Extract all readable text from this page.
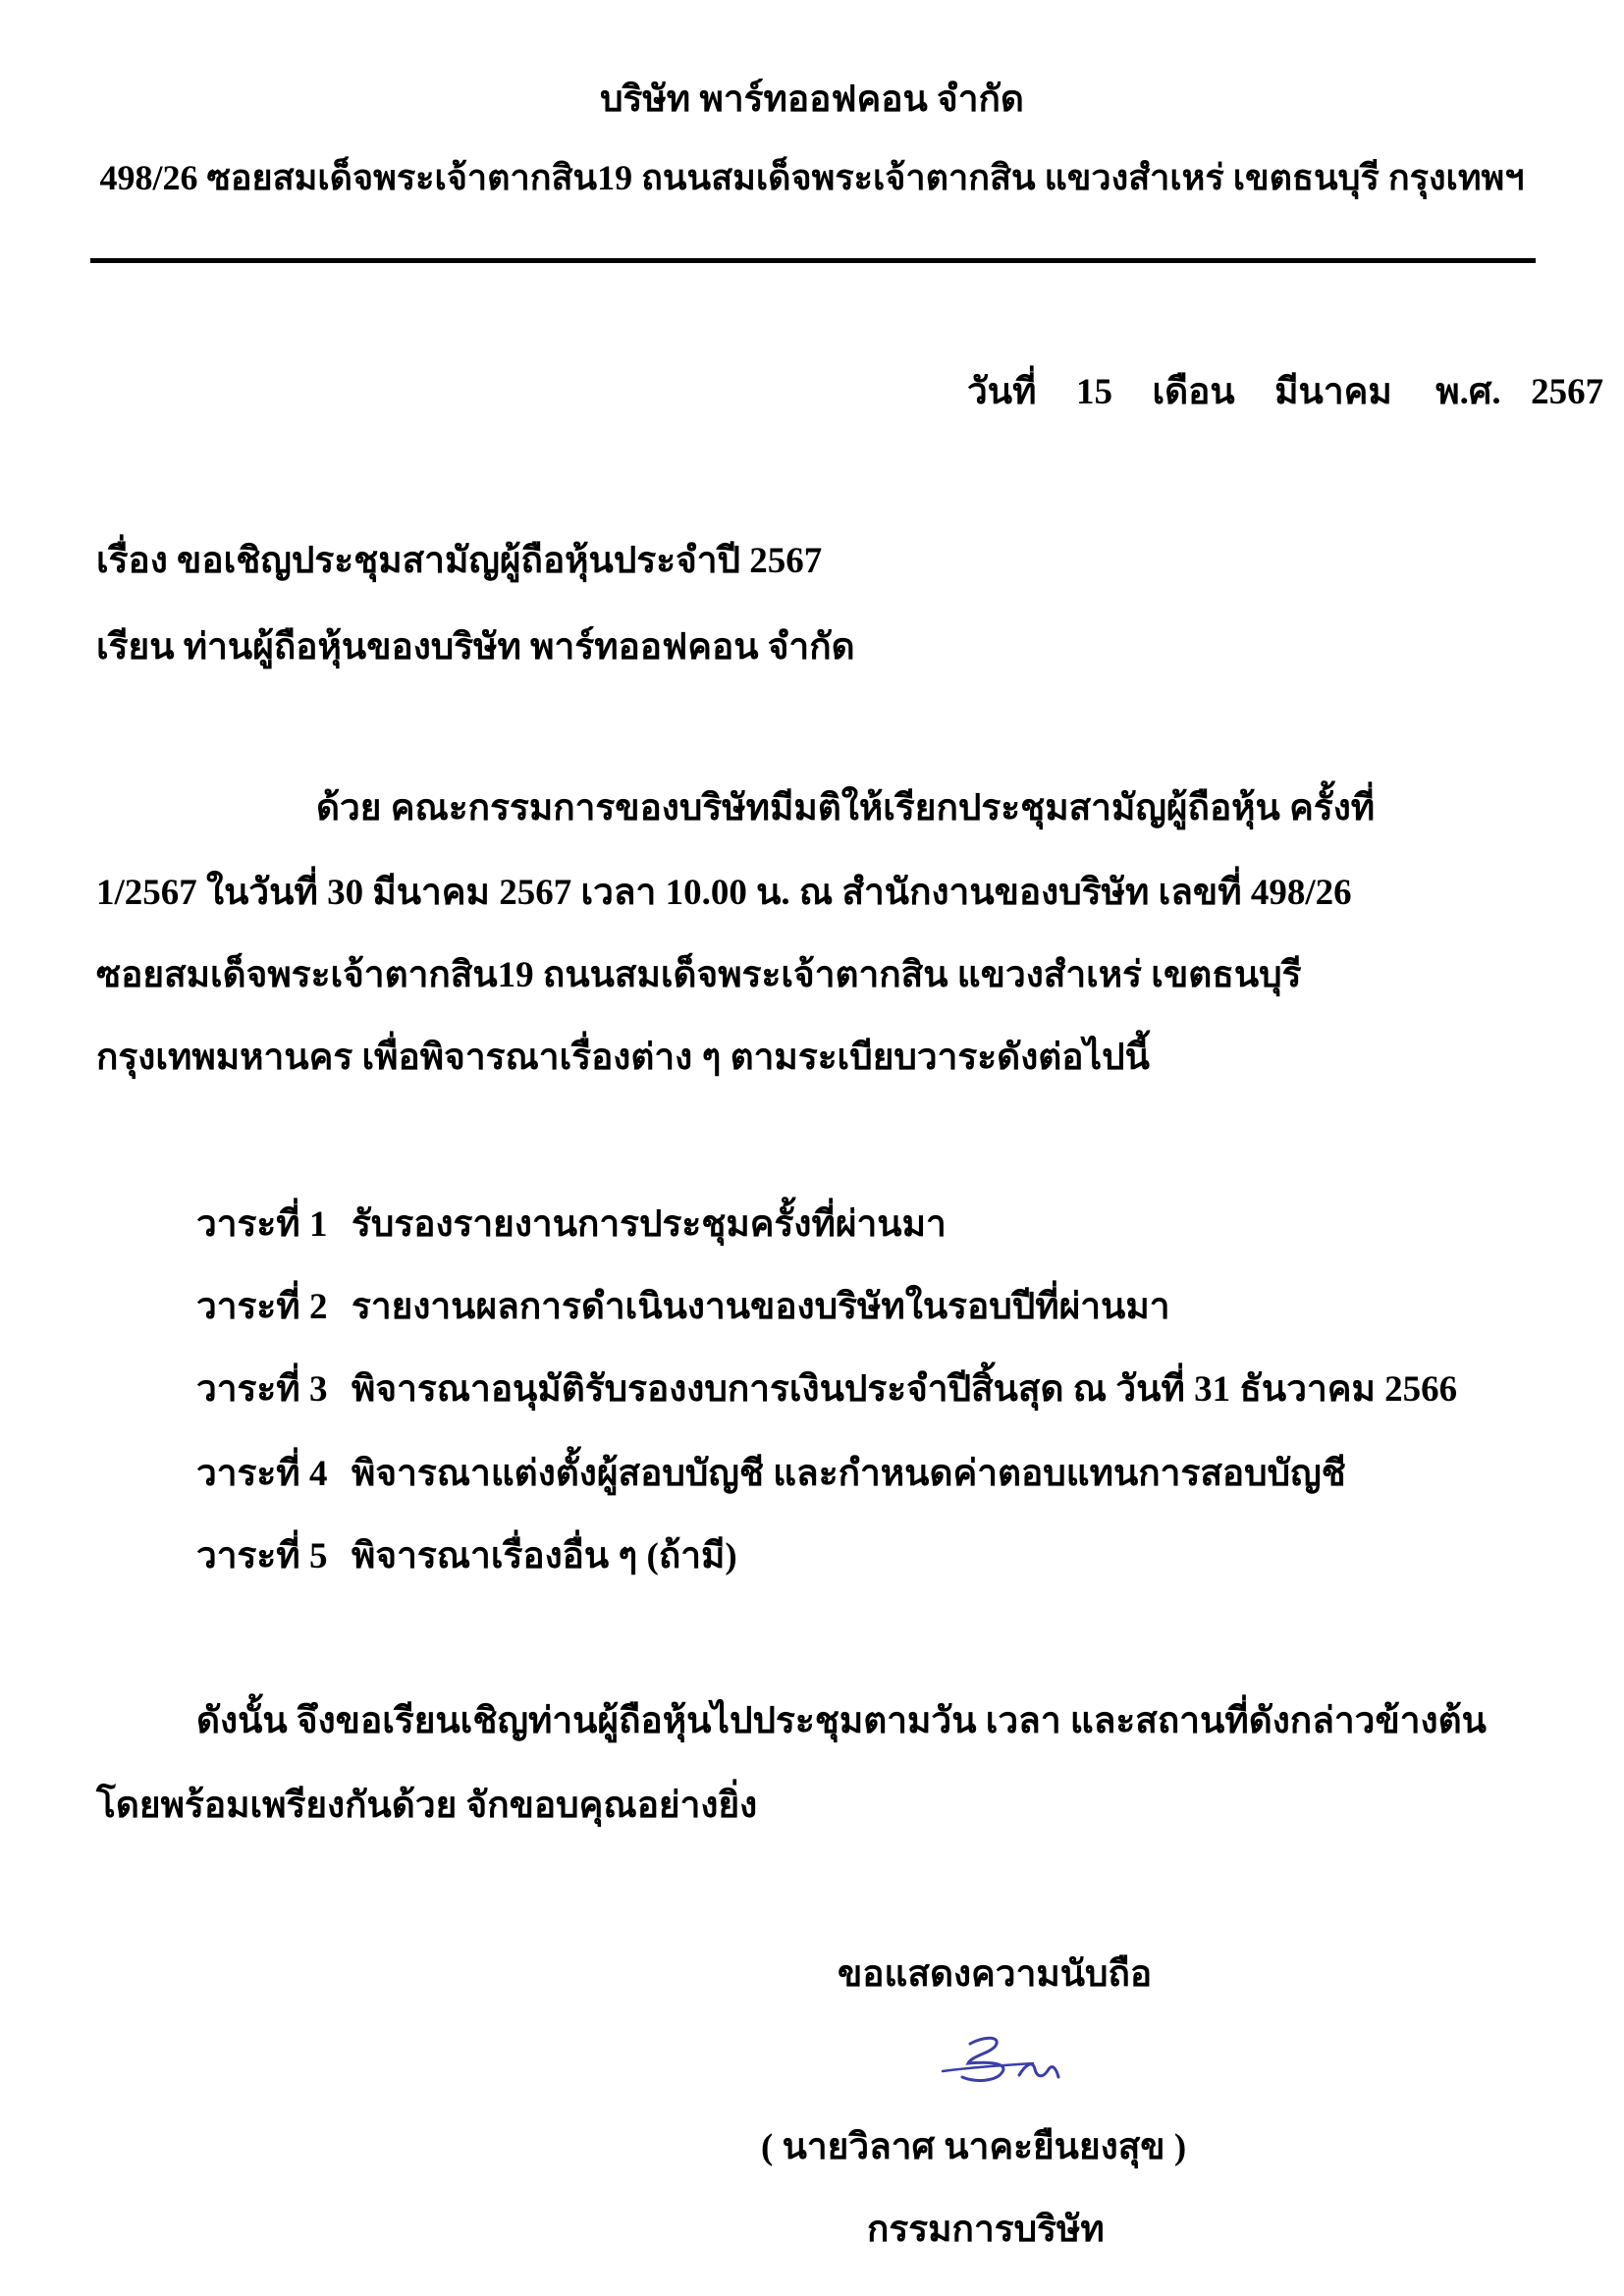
บริษัท พาร์ทออฟคอน จำกัด
498/26 ซอยสมเด็จพระเจ้าตากสิน19 ถนนสมเด็จพระเจ้าตากสิน แขวงสำเหร่ เขตธนบุรี กรุงเทพฯ
วันที่ 15 เดือน มีนาคม พ.ศ. 2567
เรื่อง ขอเชิญประชุมสามัญผู้ถือหุ้นประจำปี 2567
เรียน ท่านผู้ถือหุ้นของบริษัท พาร์ทออฟคอน จำกัด
ด้วย คณะกรรมการของบริษัทมีมติให้เรียกประชุมสามัญผู้ถือหุ้น ครั้งที่
1/2567 ในวันที่ 30 มีนาคม 2567 เวลา 10.00 น. ณ สำนักงานของบริษัท เลขที่ 498/26
ซอยสมเด็จพระเจ้าตากสิน19 ถนนสมเด็จพระเจ้าตากสิน แขวงสำเหร่ เขตธนบุรี
กรุงเทพมหานคร เพื่อพิจารณาเรื่องต่าง ๆ ตามระเบียบวาระดังต่อไปนี้
วาระที่ 1 รับรองรายงานการประชุมครั้งที่ผ่านมา
วาระที่ 2 รายงานผลการดำเนินงานของบริษัทในรอบปีที่ผ่านมา
วาระที่ 3 พิจารณาอนุมัติรับรองงบการเงินประจำปีสิ้นสุด ณ วันที่ 31 ธันวาคม 2566
วาระที่ 4 พิจารณาแต่งตั้งผู้สอบบัญชี และกำหนดค่าตอบแทนการสอบบัญชี
วาระที่ 5 พิจารณาเรื่องอื่น ๆ (ถ้ามี)
ดังนั้น จึงขอเรียนเชิญท่านผู้ถือหุ้นไปประชุมตามวัน เวลา และสถานที่ดังกล่าวข้างต้น
โดยพร้อมเพรียงกันด้วย จักขอบคุณอย่างยิ่ง
ขอแสดงความนับถือ
( นายวิลาศ นาคะยืนยงสุข )
กรรมการบริษัท
